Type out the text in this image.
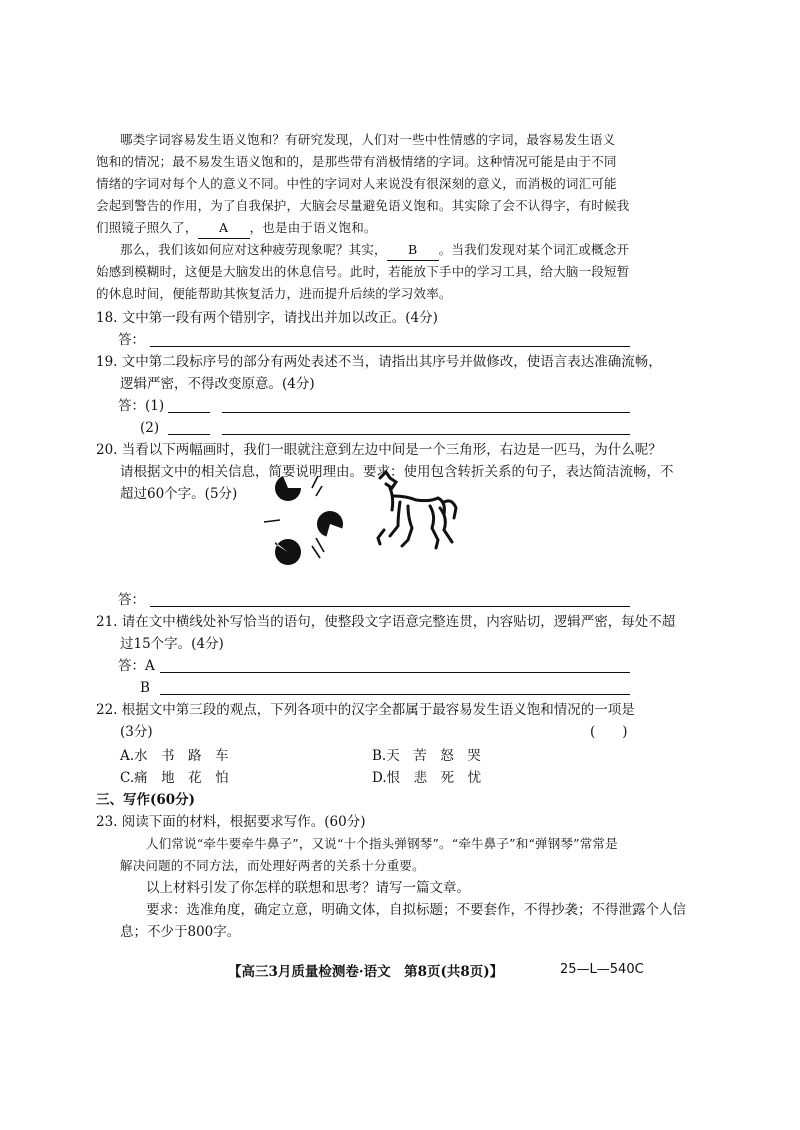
哪类字词容易发生语义饱和？有研究发现，人们对一些中性情感的字词，最容易发生语义
饱和的情况；最不易发生语义饱和的，是那些带有消极情绪的字词。这种情况可能是由于不同
情绪的字词对每个人的意义不同。中性的字词对人来说没有很深刻的意义，而消极的词汇可能
会起到警告的作用，为了自我保护，大脑会尽量避免语义饱和。其实除了会不认得字，有时候我
们照镜子照久了， A ，也是由于语义饱和。
那么，我们该如何应对这种疲劳现象呢？其实， B 。当我们发现对某个词汇或概念开
始感到模糊时，这便是大脑发出的休息信号。此时，若能放下手中的学习工具，给大脑一段短暂
的休息时间，便能帮助其恢复活力，进而提升后续的学习效率。
18. 文中第一段有两个错别字，请找出并加以改正。(4分)
答：
19. 文中第二段标序号的部分有两处表述不当，请指出其序号并做修改，使语言表达准确流畅，
逻辑严密，不得改变原意。(4分)
答：(1)
(2)
20. 当看以下两幅画时，我们一眼就注意到左边中间是一个三角形，右边是一匹马，为什么呢？
请根据文中的相关信息，简要说明理由。要求：使用包含转折关系的句子，表达简洁流畅，不
超过60个字。(5分)
答：
21. 请在文中横线处补写恰当的语句，使整段文字语意完整连贯，内容贴切，逻辑严密，每处不超
过15个字。(4分)
答：A
B
22. 根据文中第三段的观点，下列各项中的汉字全都属于最容易发生语义饱和情况的一项是
(3分)	(　　)
A.水　书　路　车	B.天　苦　怒　哭
C.痛　地　花　怕	D.恨　悲　死　忧
三、写作(60分)
23. 阅读下面的材料，根据要求写作。(60分)
人们常说“牵牛要牵牛鼻子”，又说“十个指头弹钢琴”。“牵牛鼻子”和“弹钢琴”常常是
解决问题的不同方法，而处理好两者的关系十分重要。
以上材料引发了你怎样的联想和思考？请写一篇文章。
要求：选准角度，确定立意，明确文体，自拟标题；不要套作，不得抄袭；不得泄露个人信
息；不少于800字。
【高三3月质量检测卷·语文　第8页(共8页)】	25—L—540C
